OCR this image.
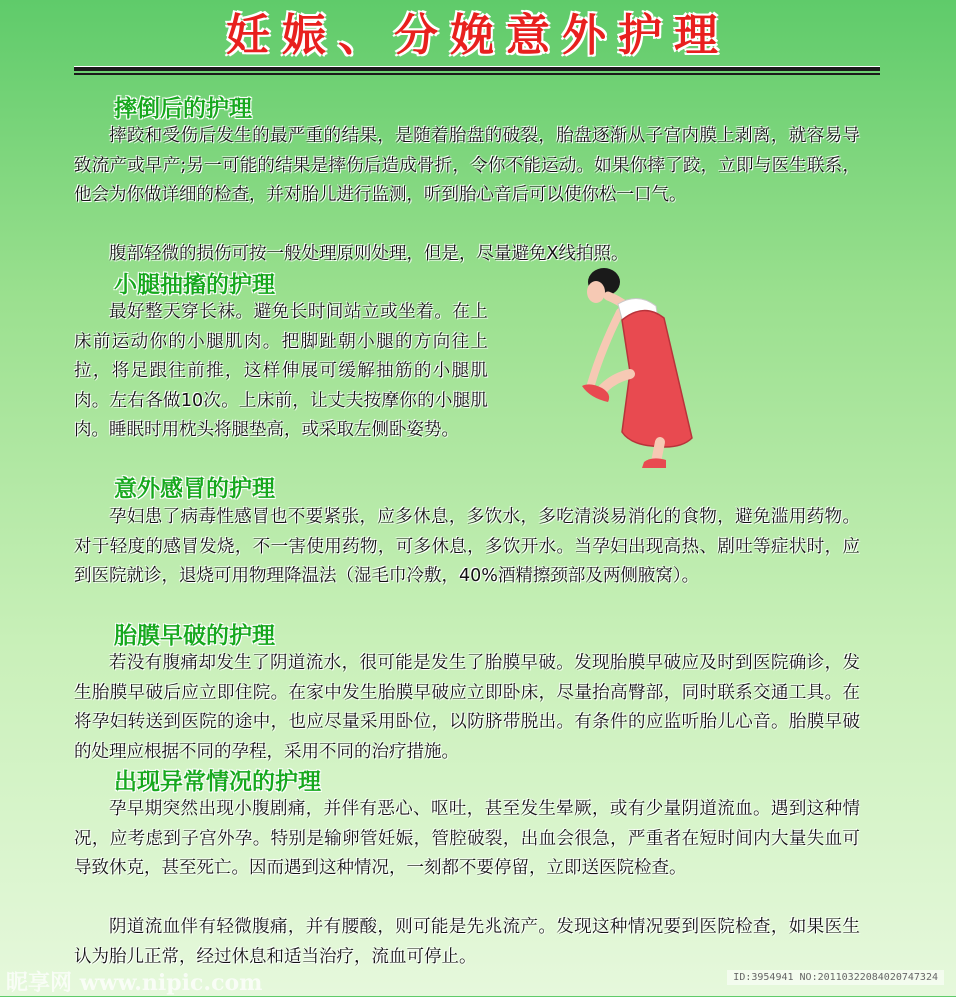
妊娠、分娩意外护理
摔倒后的护理
摔跤和受伤后发生的最严重的结果，是随着胎盘的破裂，胎盘逐渐从子宫内膜上剥离，就容易导致流产或早产;另一可能的结果是摔伤后造成骨折，令你不能运动。如果你摔了跤，立即与医生联系，他会为你做详细的检查，并对胎儿进行监测，听到胎心音后可以使你松一口气。
腹部轻微的损伤可按一般处理原则处理，但是，尽量避免X线拍照。
小腿抽搐的护理
最好整天穿长袜。避免长时间站立或坐着。在上床前运动你的小腿肌肉。把脚趾朝小腿的方向往上拉，将足跟往前推，这样伸展可缓解抽筋的小腿肌肉。左右各做10次。上床前，让丈夫按摩你的小腿肌肉。睡眠时用枕头将腿垫高，或采取左侧卧姿势。
意外感冒的护理
孕妇患了病毒性感冒也不要紧张，应多休息，多饮水，多吃清淡易消化的食物，避免滥用药物。对于轻度的感冒发烧，不一害使用药物，可多休息，多饮开水。当孕妇出现高热、剧吐等症状时，应到医院就诊，退烧可用物理降温法（湿毛巾冷敷，40%酒精擦颈部及两侧腋窝）。
胎膜早破的护理
若没有腹痛却发生了阴道流水，很可能是发生了胎膜早破。发现胎膜早破应及时到医院确诊，发生胎膜早破后应立即住院。在家中发生胎膜早破应立即卧床，尽量抬高臀部，同时联系交通工具。在将孕妇转送到医院的途中，也应尽量采用卧位，以防脐带脱出。有条件的应监听胎儿心音。胎膜早破的处理应根据不同的孕程，采用不同的治疗措施。
出现异常情况的护理
孕早期突然出现小腹剧痛，并伴有恶心、呕吐，甚至发生晕厥，或有少量阴道流血。遇到这种情况，应考虑到子宫外孕。特别是输卵管妊娠，管腔破裂，出血会很急，严重者在短时间内大量失血可导致休克，甚至死亡。因而遇到这种情况，一刻都不要停留，立即送医院检查。
阴道流血伴有轻微腹痛，并有腰酸，则可能是先兆流产。发现这种情况要到医院检查，如果医生认为胎儿正常，经过休息和适当治疗，流血可停止。
昵享网 www.nipic.com	ID:3954941 NO:20110322084020747324
